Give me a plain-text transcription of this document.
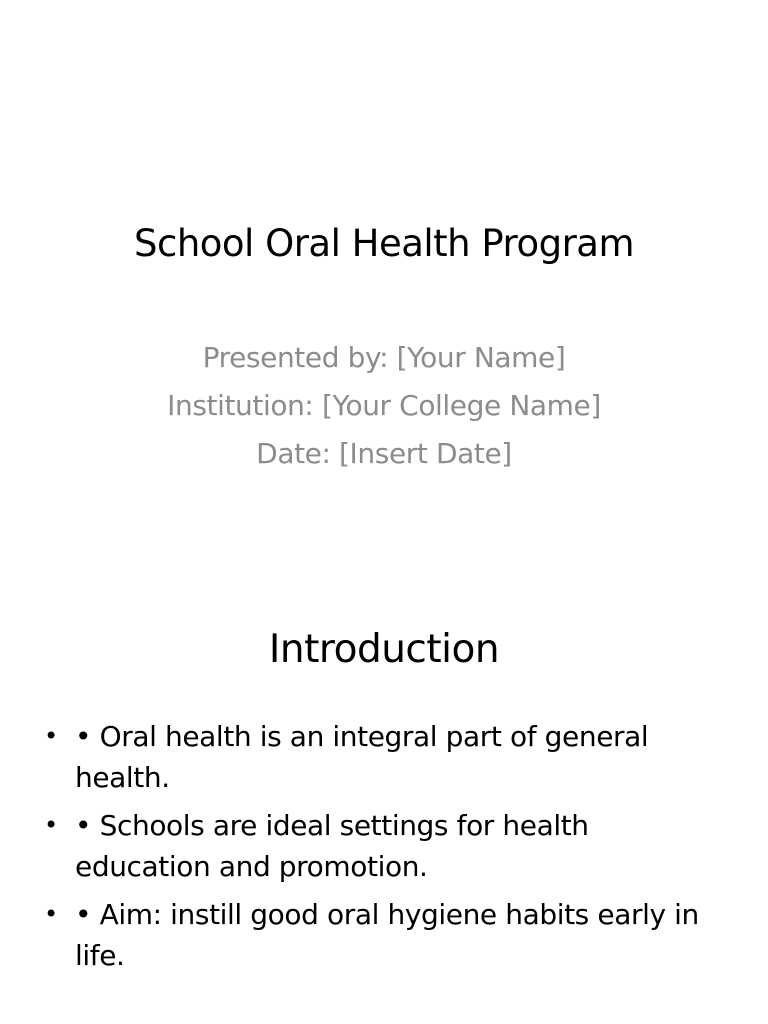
School Oral Health Program
Presented by: [Your Name]
Institution: [Your College Name]
Date: [Insert Date]
Introduction
• • Oral health is an integral part of general health.
• • Schools are ideal settings for health education and promotion.
• • Aim: instill good oral hygiene habits early in life.
